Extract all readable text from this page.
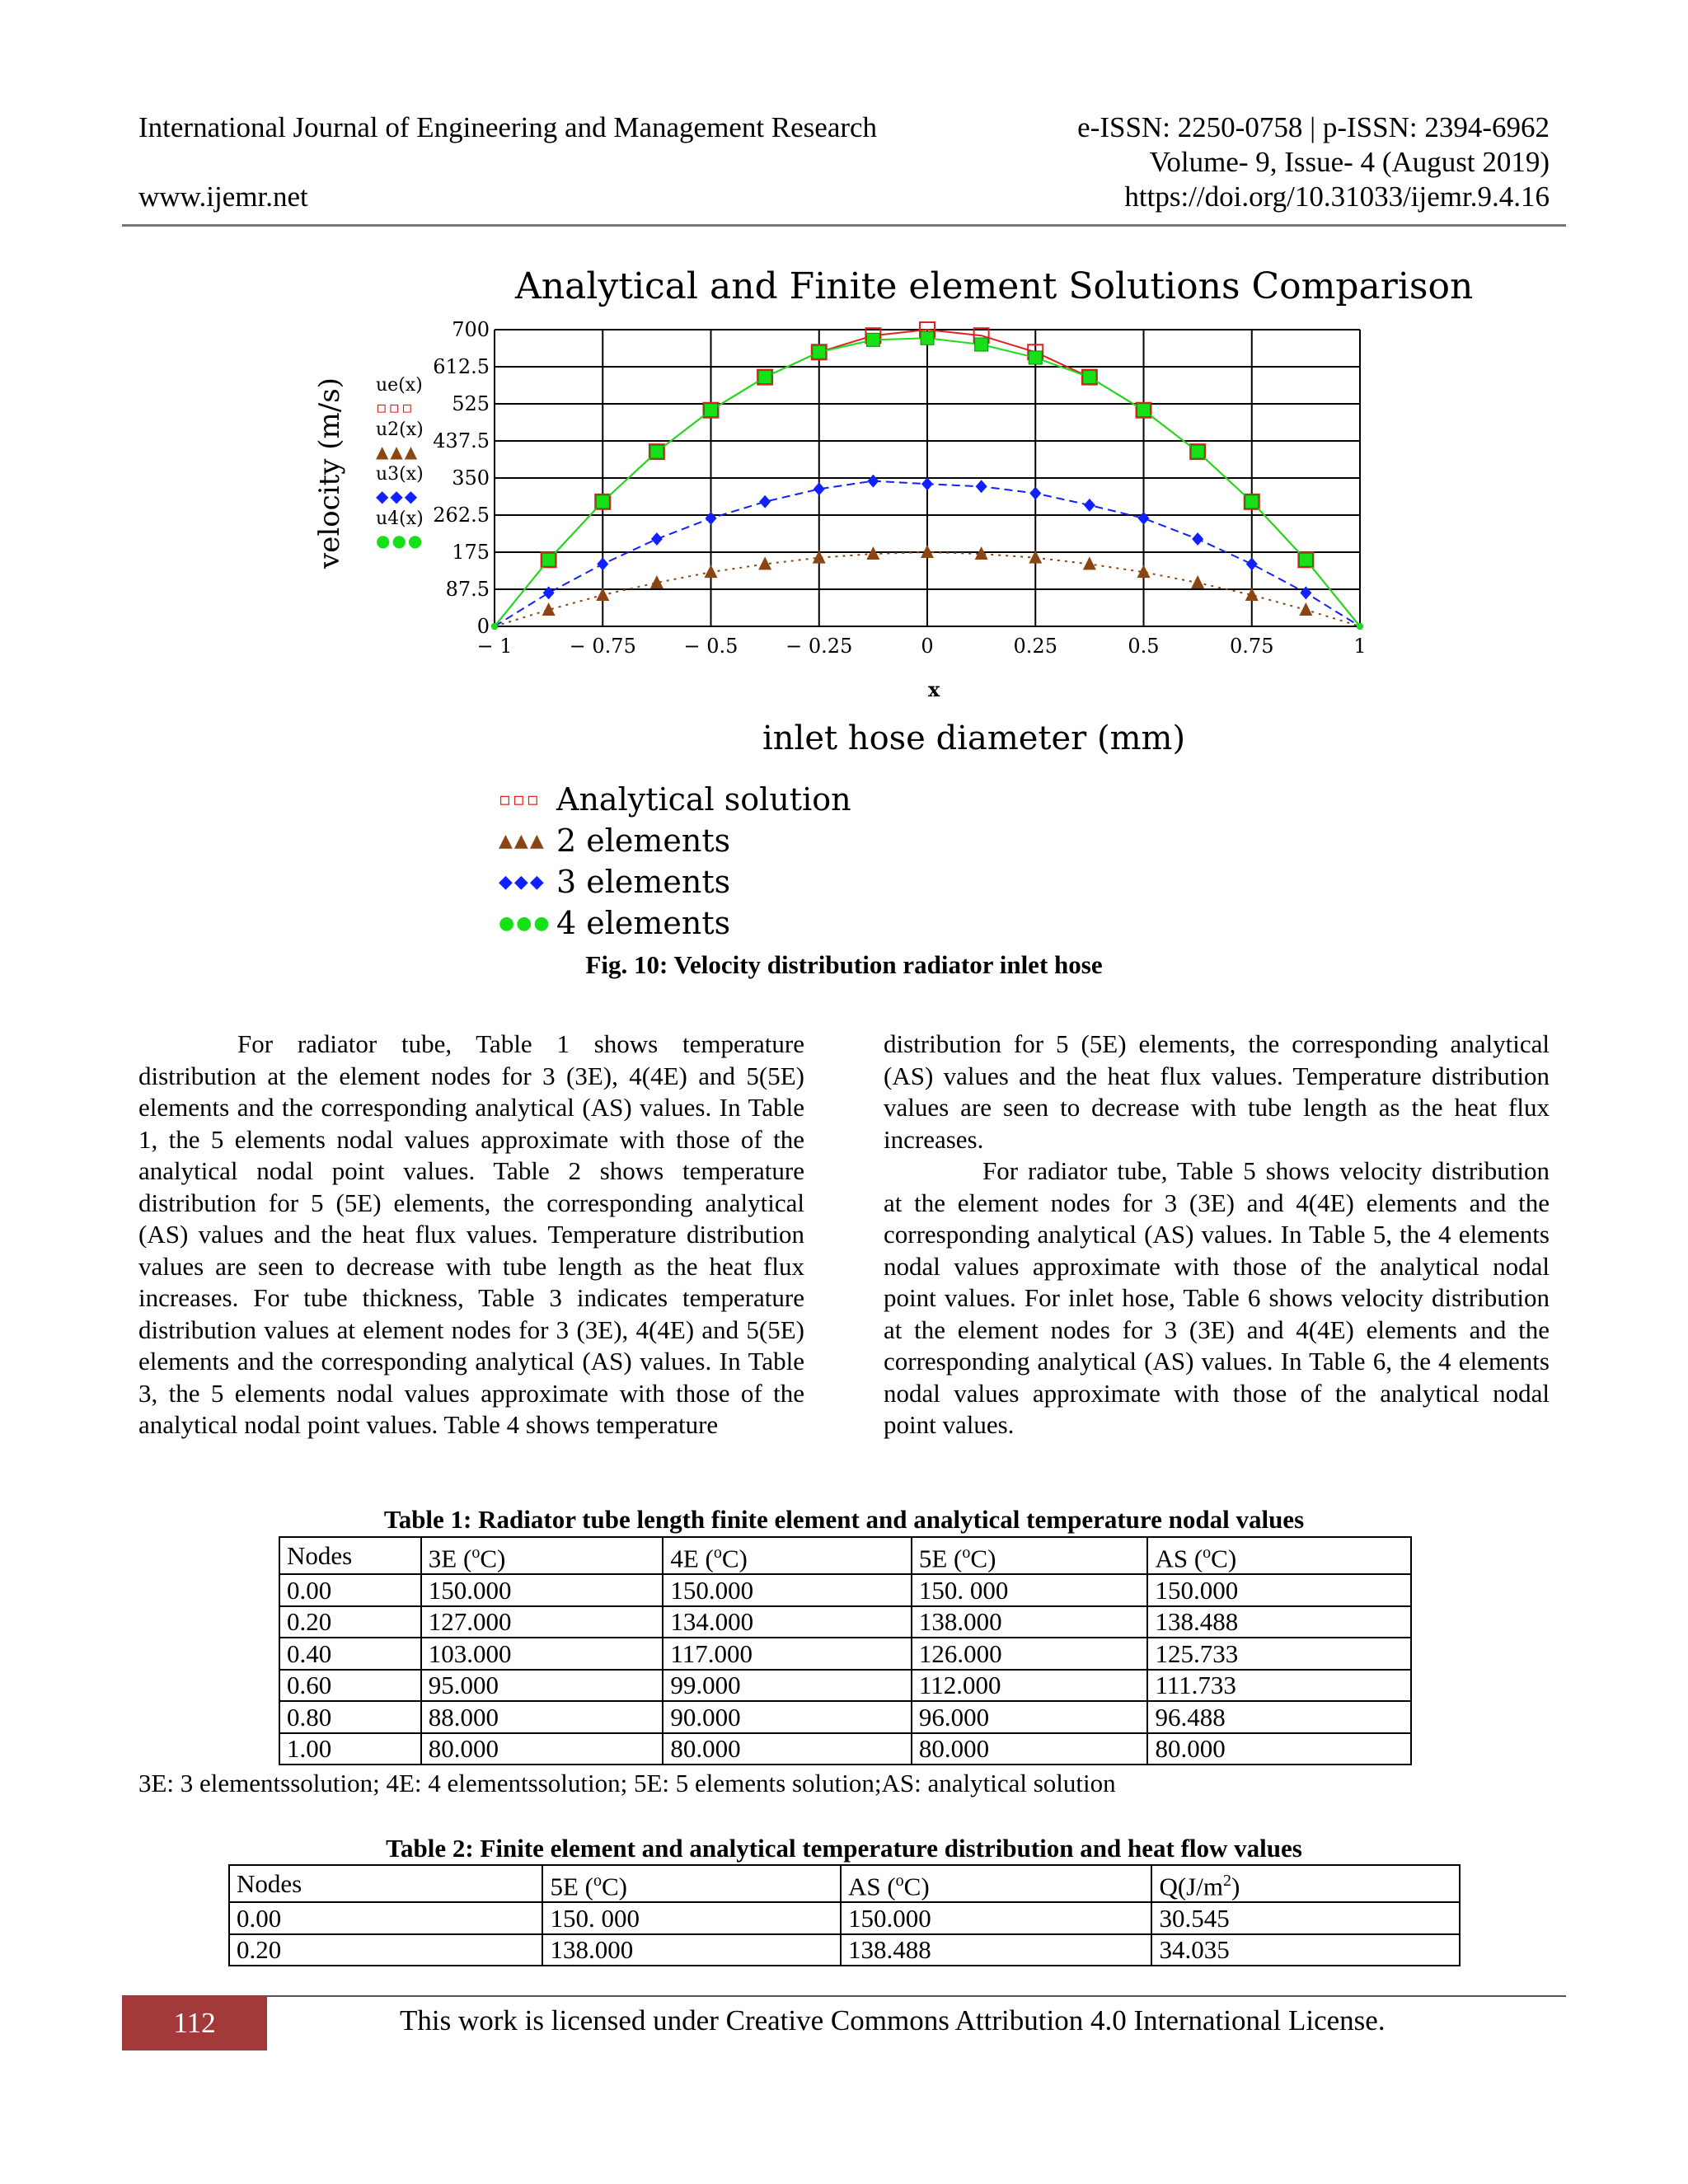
International Journal of Engineering and Management Research	e-ISSN: 2250-0758 | p-ISSN: 2394-6962
Volume- 9, Issue- 4 (August 2019)
www.ijemr.net	https://doi.org/10.31033/ijemr.9.4.16
Analytical and Finite element Solutions Comparison
velocity (m/s) ue(x)
▫▫▫
u2(x)
▲▲▲
u3(x)
◆◆◆
u4(x)
●●●
− 1	− 0.75 − 0.5 − 0.25	0	0.25	0.5	0.75	1
0
87.5
175
262.5
350
437.5
525
612.5
700
x
inlet hose diameter (mm)
▫▫▫ Analytical solution
▲▲▲ 2 elements
◆◆◆ 3 elements
●●● 4 elements
Fig. 10: Velocity distribution radiator inlet hose

For radiator tube, Table 1 shows temperature distribution at the element nodes for 3 (3E), 4(4E) and 5(5E) elements and the corresponding analytical (AS) values. In Table 1, the 5 elements nodal values approximate with those of the analytical nodal point values. Table 2 shows temperature distribution for 5 (5E) elements, the corresponding analytical (AS) values and the heat flux values. Temperature distribution values are seen to decrease with tube length as the heat flux increases. For tube thickness, Table 3 indicates temperature distribution values at element nodes for 3 (3E), 4(4E) and 5(5E) elements and the corresponding analytical (AS) values. In Table 3, the 5 elements nodal values approximate with those of the analytical nodal point values. Table 4 shows temperature

distribution for 5 (5E) elements, the corresponding analytical (AS) values and the heat flux values. Temperature distribution values are seen to decrease with tube length as the heat flux increases.

For radiator tube, Table 5 shows velocity distribution at the element nodes for 3 (3E) and 4(4E) elements and the corresponding analytical (AS) values. In Table 5, the 4 elements nodal values approximate with those of the analytical nodal point values. For inlet hose, Table 6 shows velocity distribution at the element nodes for 3 (3E) and 4(4E) elements and the corresponding analytical (AS) values. In Table 6, the 4 elements nodal values approximate with those of the analytical nodal point values.

Table 1: Radiator tube length finite element and analytical temperature nodal values
Nodes	3E ($^o$C)	4E ($^o$C)	5E ($^o$C)	AS ($^o$C)
0.00	150.000	150.000	150. 000	150.000
0.20	127.000	134.000	138.000	138.488
0.40	103.000	117.000	126.000	125.733
0.60	95.000	99.000	112.000	111.733
0.80	88.000	90.000	96.000	96.488
1.00	80.000	80.000	80.000	80.000
3E: 3 elementssolution; 4E: 4 elementssolution; 5E: 5 elements solution;AS: analytical solution
Table 2: Finite element and analytical temperature distribution and heat flow values
Nodes	5E ($^o$C)	AS ($^o$C)	$Q(J/m^2)$
0.00	150. 000	150.000	30.545
0.20	138.000	138.488	34.035
112	This work is licensed under Creative Commons Attribution 4.0 International License.
